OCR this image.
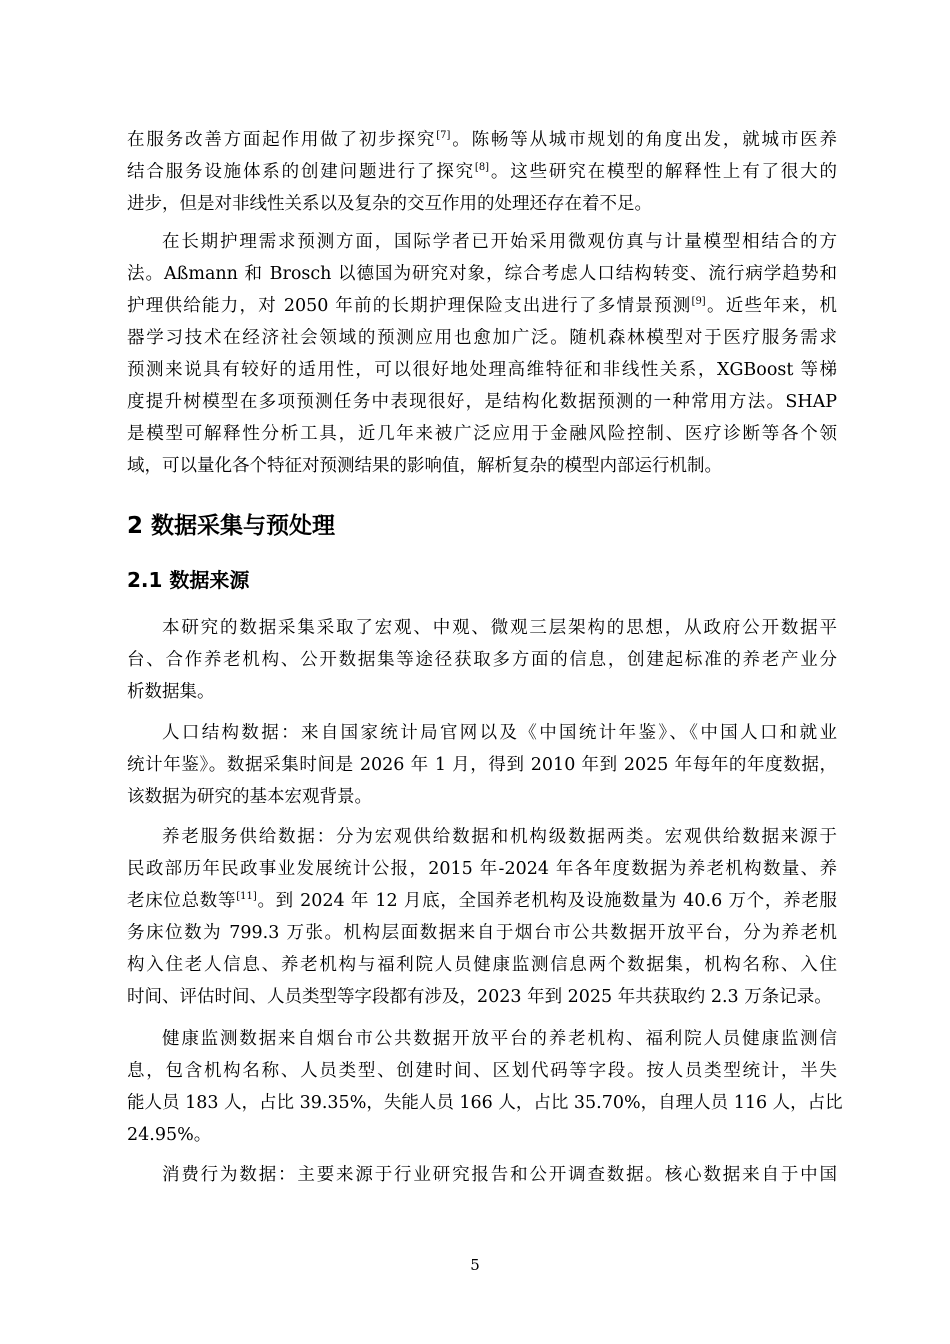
在服务改善方面起作用做了初步探究[7]。陈畅等从城市规划的角度出发，就城市医养
结合服务设施体系的创建问题进行了探究[8]。这些研究在模型的解释性上有了很大的
进步，但是对非线性关系以及复杂的交互作用的处理还存在着不足。
在长期护理需求预测方面，国际学者已开始采用微观仿真与计量模型相结合的方
法。Aßmann 和 Brosch 以德国为研究对象，综合考虑人口结构转变、流行病学趋势和
护理供给能力，对 2050 年前的长期护理保险支出进行了多情景预测[9]。近些年来，机
器学习技术在经济社会领域的预测应用也愈加广泛。随机森林模型对于医疗服务需求
预测来说具有较好的适用性，可以很好地处理高维特征和非线性关系，XGBoost 等梯
度提升树模型在多项预测任务中表现很好，是结构化数据预测的一种常用方法。SHAP
是模型可解释性分析工具，近几年来被广泛应用于金融风险控制、医疗诊断等各个领
域，可以量化各个特征对预测结果的影响值，解析复杂的模型内部运行机制。
2 数据采集与预处理
2.1 数据来源
本研究的数据采集采取了宏观、中观、微观三层架构的思想，从政府公开数据平
台、合作养老机构、公开数据集等途径获取多方面的信息，创建起标准的养老产业分
析数据集。
人口结构数据：来自国家统计局官网以及《中国统计年鉴》、《中国人口和就业
统计年鉴》。数据采集时间是 2026 年 1 月，得到 2010 年到 2025 年每年的年度数据，
该数据为研究的基本宏观背景。
养老服务供给数据：分为宏观供给数据和机构级数据两类。宏观供给数据来源于
民政部历年民政事业发展统计公报，2015 年-2024 年各年度数据为养老机构数量、养
老床位总数等[11]。到 2024 年 12 月底，全国养老机构及设施数量为 40.6 万个，养老服
务床位数为 799.3 万张。机构层面数据来自于烟台市公共数据开放平台，分为养老机
构入住老人信息、养老机构与福利院人员健康监测信息两个数据集，机构名称、入住
时间、评估时间、人员类型等字段都有涉及，2023 年到 2025 年共获取约 2.3 万条记录。
健康监测数据来自烟台市公共数据开放平台的养老机构、福利院人员健康监测信
息，包含机构名称、人员类型、创建时间、区划代码等字段。按人员类型统计，半失
能人员 183 人，占比 39.35%，失能人员 166 人，占比 35.70%，自理人员 116 人，占比
24.95%。
消费行为数据：主要来源于行业研究报告和公开调查数据。核心数据来自于中国
5
